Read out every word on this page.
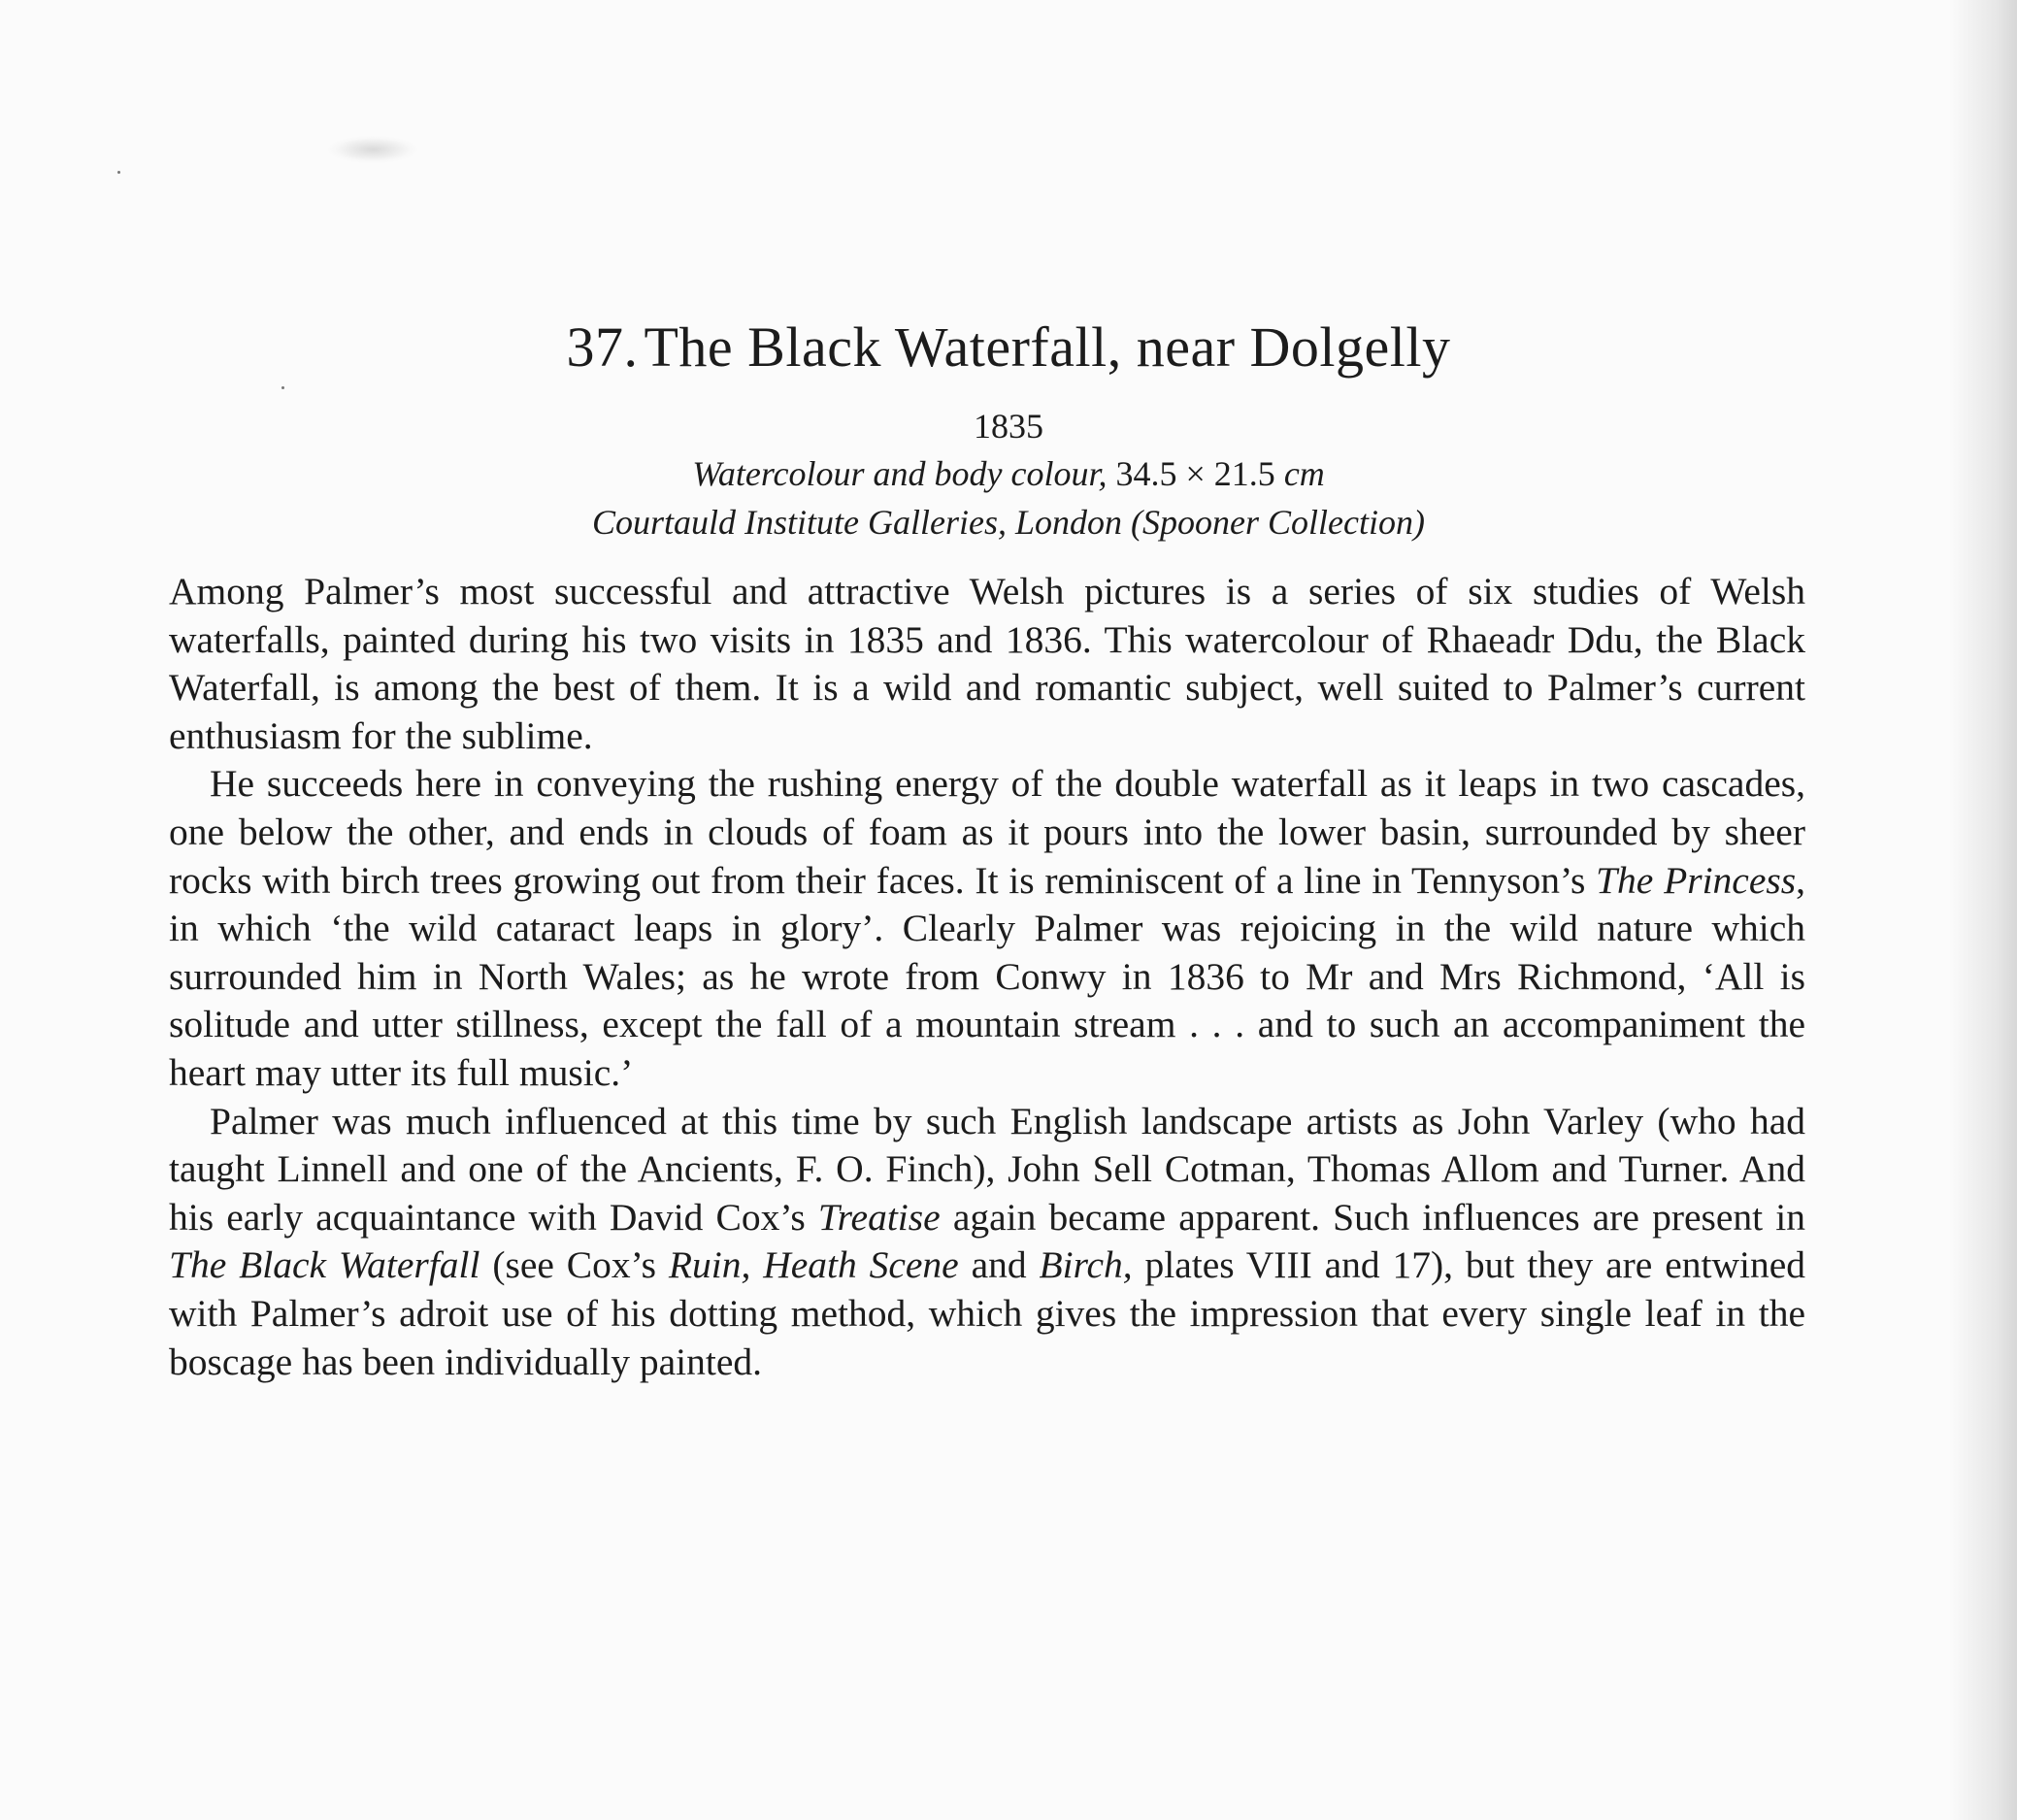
37. The Black Waterfall, near Dolgelly
1835
Watercolour and body colour, 34.5 × 21.5 cm
Courtauld Institute Galleries, London (Spooner Collection)

Among Palmer’s most successful and attractive Welsh pictures is a series of six studies of Welsh waterfalls, painted during his two visits in 1835 and 1836. This watercolour of Rhaeadr Ddu, the Black Waterfall, is among the best of them. It is a wild and romantic subject, well suited to Palmer’s current enthusiasm for the sublime.

He succeeds here in conveying the rushing energy of the double waterfall as it leaps in two cascades, one below the other, and ends in clouds of foam as it pours into the lower basin, surrounded by sheer rocks with birch trees growing out from their faces. It is reminiscent of a line in Tennyson’s The Princess, in which ‘the wild cataract leaps in glory’. Clearly Palmer was rejoicing in the wild nature which surrounded him in North Wales; as he wrote from Conwy in 1836 to Mr and Mrs Richmond, ‘All is solitude and utter stillness, except the fall of a mountain stream . . . and to such an accompaniment the heart may utter its full music.’

Palmer was much influenced at this time by such English landscape artists as John Varley (who had taught Linnell and one of the Ancients, F. O. Finch), John Sell Cotman, Thomas Allom and Turner. And his early acquaintance with David Cox’s Treatise again became apparent. Such influences are present in The Black Waterfall (see Cox’s Ruin, Heath Scene and Birch, plates VIII and 17), but they are entwined with Palmer’s adroit use of his dotting method, which gives the impression that every single leaf in the boscage has been individually painted.
